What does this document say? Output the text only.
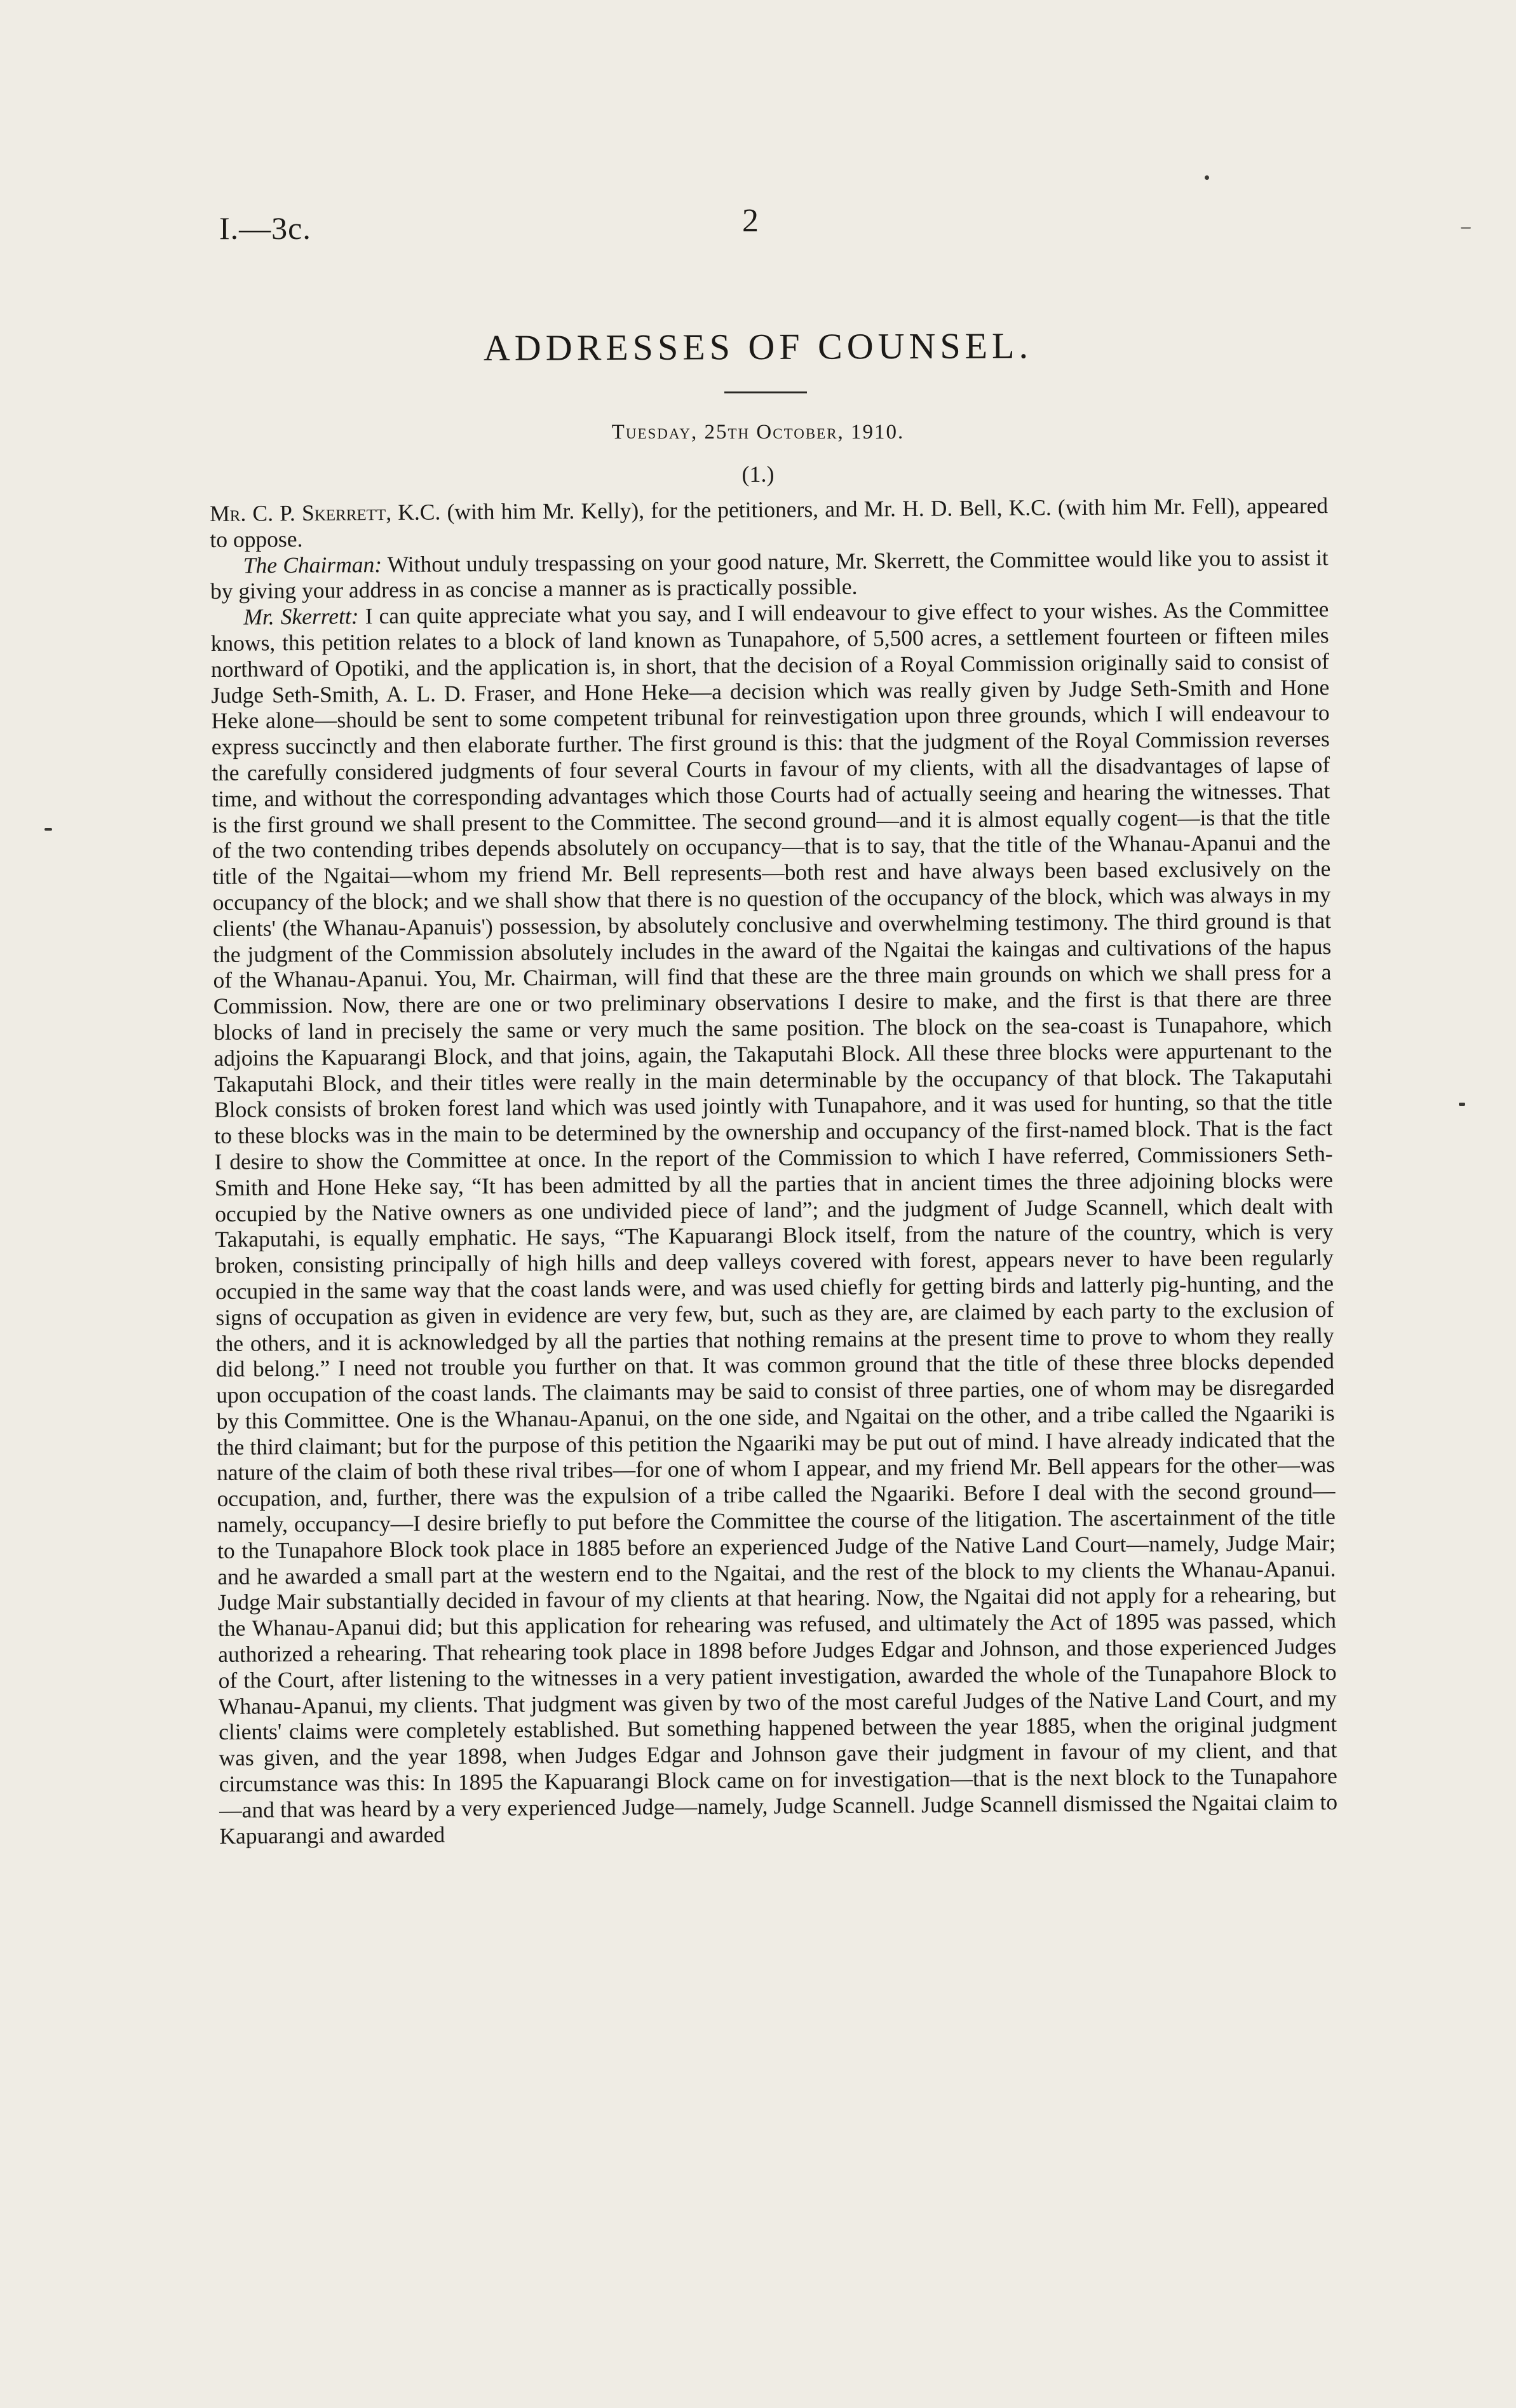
I.—3c.	2
ADDRESSES OF COUNSEL.
Tuesday, 25th October, 1910.
(1.)

Mr. C. P. Skerrett, K.C. (with him Mr. Kelly), for the petitioners, and Mr. H. D. Bell, K.C. (with him Mr. Fell), appeared to oppose.

The Chairman: Without unduly trespassing on your good nature, Mr. Skerrett, the Committee would like you to assist it by giving your address in as concise a manner as is practically possible.

Mr. Skerrett: I can quite appreciate what you say, and I will endeavour to give effect to your wishes. As the Committee knows, this petition relates to a block of land known as Tunapahore, of 5,500 acres, a settlement fourteen or fifteen miles northward of Opotiki, and the application is, in short, that the decision of a Royal Commission originally said to consist of Judge Seth-Smith, A. L. D. Fraser, and Hone Heke—a decision which was really given by Judge Seth-Smith and Hone Heke alone—should be sent to some competent tribunal for reinvestigation upon three grounds, which I will endeavour to express succinctly and then elaborate further. The first ground is this: that the judgment of the Royal Commission reverses the carefully considered judgments of four several Courts in favour of my clients, with all the disadvantages of lapse of time, and without the corresponding advantages which those Courts had of actually seeing and hearing the witnesses. That is the first ground we shall present to the Committee. The second ground—and it is almost equally cogent—is that the title of the two contending tribes depends absolutely on occupancy—that is to say, that the title of the Whanau-Apanui and the title of the Ngaitai—whom my friend Mr. Bell represents—both rest and have always been based exclusively on the occupancy of the block; and we shall show that there is no question of the occupancy of the block, which was always in my clients' (the Whanau-Apanuis') possession, by absolutely conclusive and overwhelming testimony. The third ground is that the judgment of the Commission absolutely includes in the award of the Ngaitai the kaingas and cultivations of the hapus of the Whanau-Apanui. You, Mr. Chairman, will find that these are the three main grounds on which we shall press for a Commission. Now, there are one or two preliminary observations I desire to make, and the first is that there are three blocks of land in precisely the same or very much the same position. The block on the sea-coast is Tunapahore, which adjoins the Kapuarangi Block, and that joins, again, the Takaputahi Block. All these three blocks were appurtenant to the Takaputahi Block, and their titles were really in the main determinable by the occupancy of that block. The Takaputahi Block consists of broken forest land which was used jointly with Tunapahore, and it was used for hunting, so that the title to these blocks was in the main to be determined by the ownership and occupancy of the first-named block. That is the fact I desire to show the Committee at once. In the report of the Commission to which I have referred, Commissioners Seth-Smith and Hone Heke say, “It has been admitted by all the parties that in ancient times the three adjoining blocks were occupied by the Native owners as one undivided piece of land”; and the judgment of Judge Scannell, which dealt with Takaputahi, is equally emphatic. He says, “The Kapuarangi Block itself, from the nature of the country, which is very broken, consisting principally of high hills and deep valleys covered with forest, appears never to have been regularly occupied in the same way that the coast lands were, and was used chiefly for getting birds and latterly pig-hunting, and the signs of occupation as given in evidence are very few, but, such as they are, are claimed by each party to the exclusion of the others, and it is acknowledged by all the parties that nothing remains at the present time to prove to whom they really did belong.” I need not trouble you further on that. It was common ground that the title of these three blocks depended upon occupation of the coast lands. The claimants may be said to consist of three parties, one of whom may be disregarded by this Committee. One is the Whanau-Apanui, on the one side, and Ngaitai on the other, and a tribe called the Ngaariki is the third claimant; but for the purpose of this petition the Ngaariki may be put out of mind. I have already indicated that the nature of the claim of both these rival tribes—for one of whom I appear, and my friend Mr. Bell appears for the other—was occupation, and, further, there was the expulsion of a tribe called the Ngaariki. Before I deal with the second ground—namely, occupancy—I desire briefly to put before the Committee the course of the litigation. The ascertainment of the title to the Tunapahore Block took place in 1885 before an experienced Judge of the Native Land Court—namely, Judge Mair; and he awarded a small part at the western end to the Ngaitai, and the rest of the block to my clients the Whanau-Apanui. Judge Mair substantially decided in favour of my clients at that hearing. Now, the Ngaitai did not apply for a rehearing, but the Whanau-Apanui did; but this application for rehearing was refused, and ultimately the Act of 1895 was passed, which authorized a rehearing. That rehearing took place in 1898 before Judges Edgar and Johnson, and those experienced Judges of the Court, after listening to the witnesses in a very patient investigation, awarded the whole of the Tunapahore Block to Whanau-Apanui, my clients. That judgment was given by two of the most careful Judges of the Native Land Court, and my clients' claims were completely established. But something happened between the year 1885, when the original judgment was given, and the year 1898, when Judges Edgar and Johnson gave their judgment in favour of my client, and that circumstance was this: In 1895 the Kapuarangi Block came on for investigation—that is the next block to the Tunapahore—and that was heard by a very experienced Judge—namely, Judge Scannell. Judge Scannell dismissed the Ngaitai claim to Kapuarangi and awarded
